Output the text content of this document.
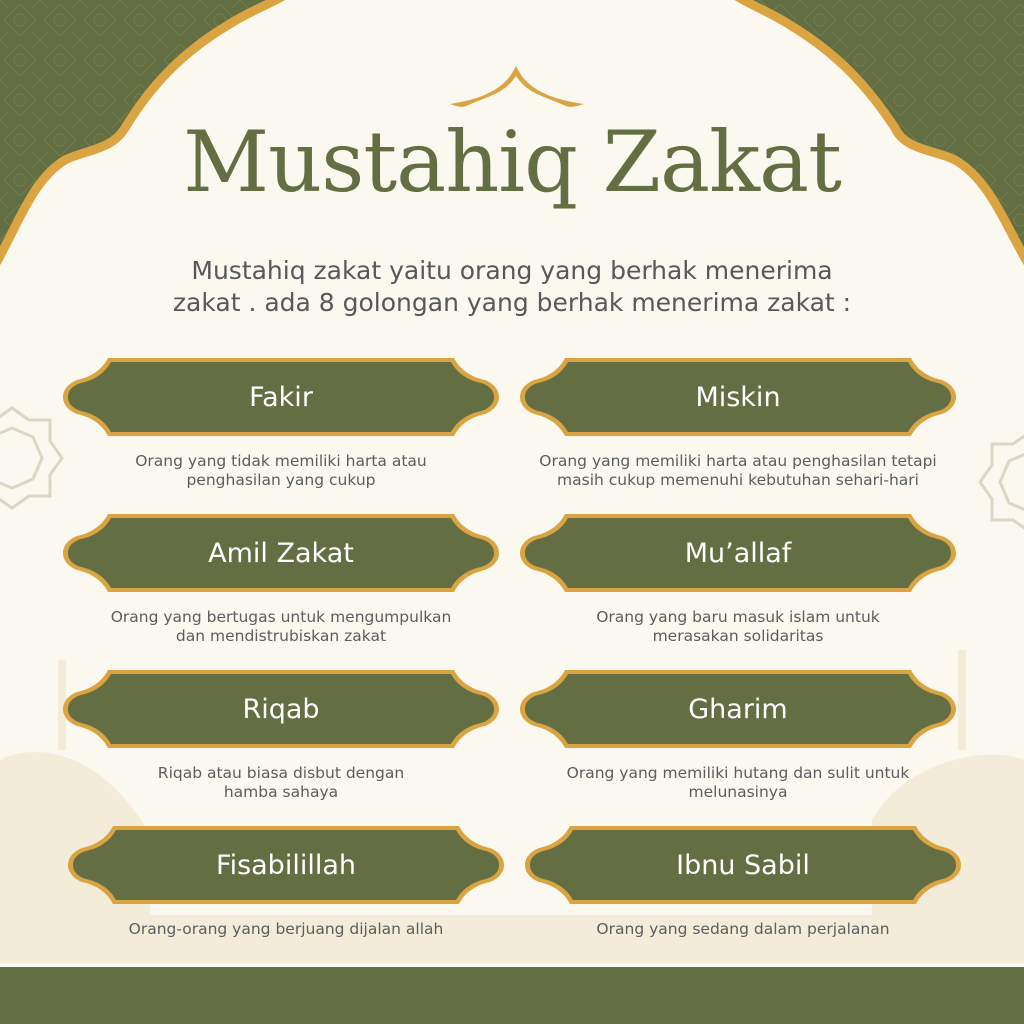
Mustahiq Zakat

Mustahiq zakat yaitu orang yang berhak menerima
zakat . ada 8 golongan yang berhak menerima zakat :

Fakir

Orang yang tidak memiliki harta atau
penghasilan yang cukup

Miskin

Orang yang memiliki harta atau penghasilan tetapi
masih cukup memenuhi kebutuhan sehari-hari

Amil Zakat

Orang yang bertugas untuk mengumpulkan
dan mendistrubiskan zakat

Mu’allaf

Orang yang baru masuk islam untuk
merasakan solidaritas

Riqab

Riqab atau biasa disbut dengan
hamba sahaya

Gharim

Orang yang memiliki hutang dan sulit untuk
melunasinya

Fisabilillah

Orang-orang yang berjuang dijalan allah

Ibnu Sabil

Orang yang sedang dalam perjalanan
